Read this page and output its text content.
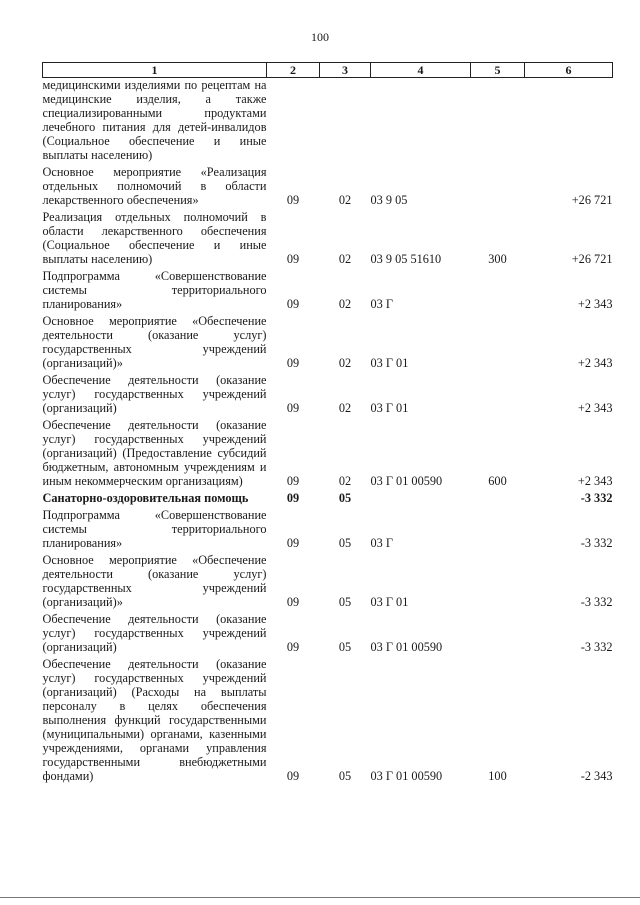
100
1	2	3	4	5	6
медицинскими изделиями по рецептам на медицинские изделия, а также специализированными продуктами лечебного питания для детей-инвалидов (Социальное обеспечение и иные выплаты населению)					
Основное мероприятие «Реализация отдельных полномочий в области лекарственного обеспечения»	09	02	03 9 05		+26 721
Реализация отдельных полномочий в области лекарственного обеспечения (Социальное обеспечение и иные выплаты населению)	09	02	03 9 05 51610	300	+26 721
Подпрограмма «Совершенствование системы территориального планирования»	09	02	03 Г		+2 343
Основное мероприятие «Обеспечение деятельности (оказание услуг) государственных учреждений (организаций)»	09	02	03 Г 01		+2 343
Обеспечение деятельности (оказание услуг) государственных учреждений (организаций)	09	02	03 Г 01		+2 343
Обеспечение деятельности (оказание услуг) государственных учреждений (организаций) (Предоставление субсидий бюджетным, автономным учреждениям и иным некоммерческим организациям)	09	02	03 Г 01 00590	600	+2 343
Санаторно-оздоровительная помощь	09	05			-3 332
Подпрограмма «Совершенствование системы территориального планирования»	09	05	03 Г		-3 332
Основное мероприятие «Обеспечение деятельности (оказание услуг) государственных учреждений (организаций)»	09	05	03 Г 01		-3 332
Обеспечение деятельности (оказание услуг) государственных учреждений (организаций)	09	05	03 Г 01 00590		-3 332
Обеспечение деятельности (оказание услуг) государственных учреждений (организаций) (Расходы на выплаты персоналу в целях обеспечения выполнения функций государственными (муниципальными) органами, казенными учреждениями, органами управления государственными внебюджетными фондами)	09	05	03 Г 01 00590	100	-2 343
